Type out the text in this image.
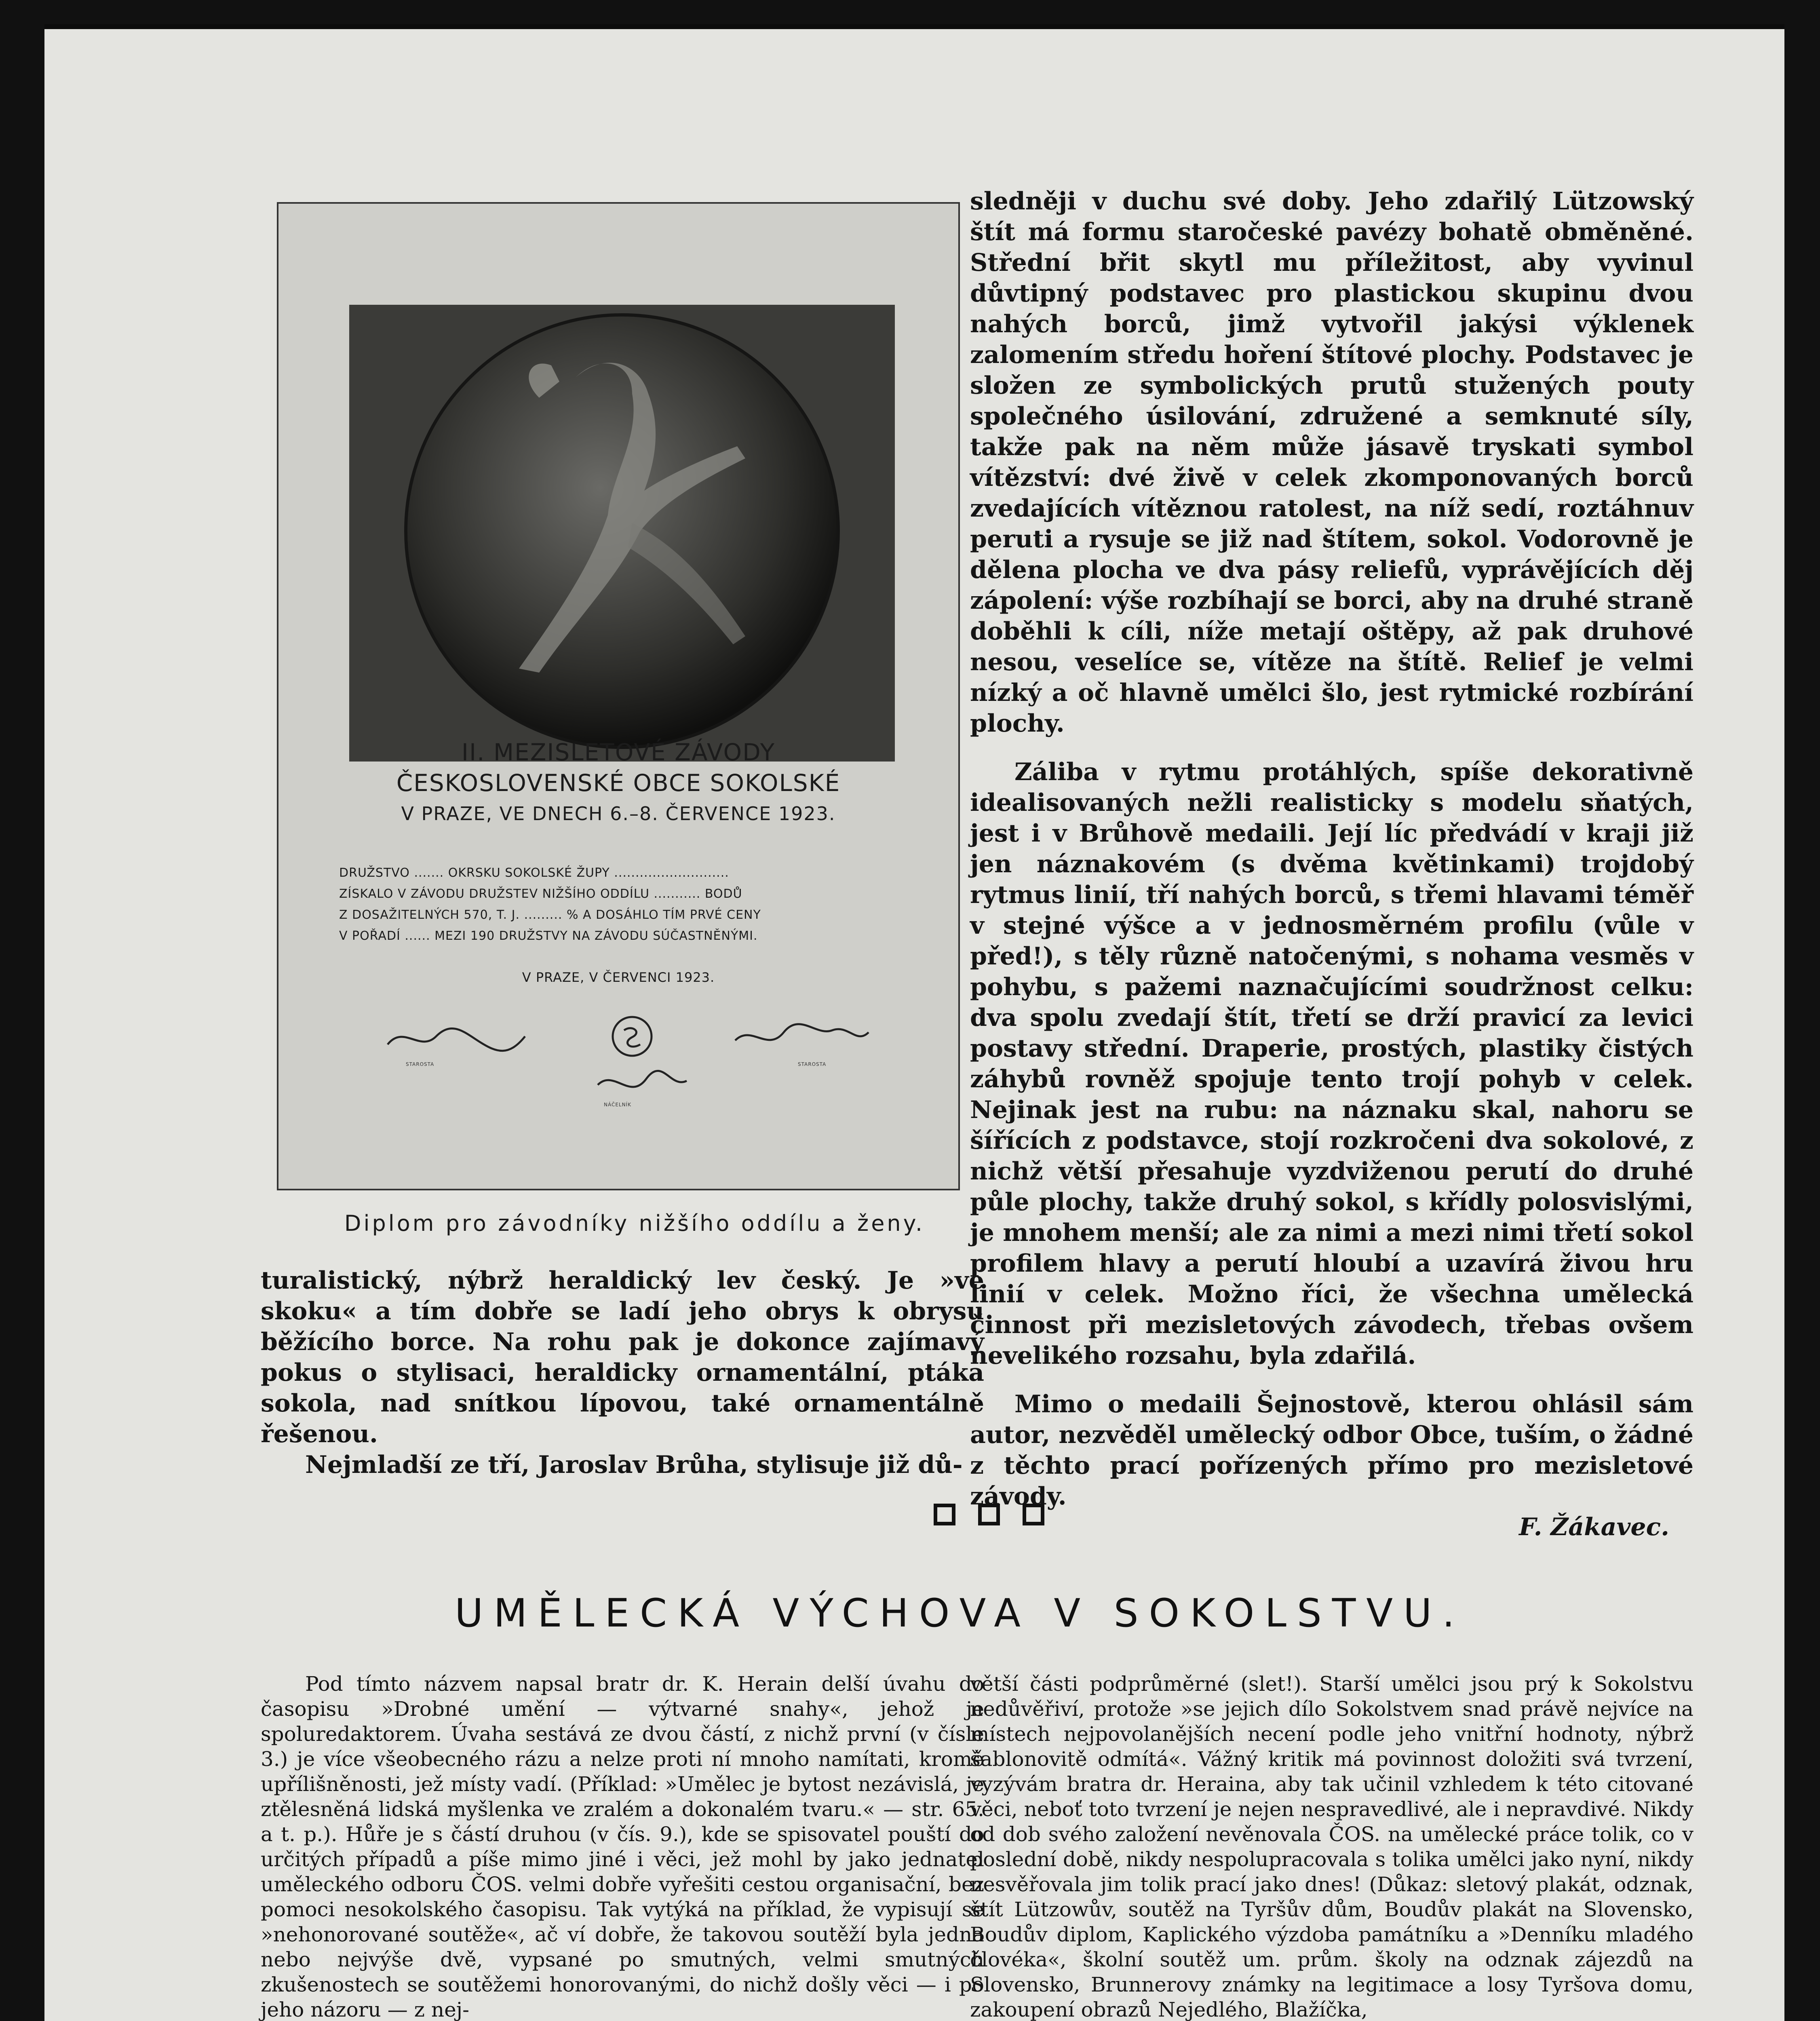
II. MEZISLETOVÉ ZÁVODY
ČESKOSLOVENSKÉ OBCE SOKOLSKÉ
V PRAZE, VE DNECH 6.–8. ČERVENCE 1923.
DRUŽSTVO ....... OKRSKU SOKOLSKÉ ŽUPY ...........................
ZÍSKALO V ZÁVODU DRUŽSTEV NIŽŠÍHO ODDÍLU ........... BODŮ
Z DOSAŽITELNÝCH 570, T. J. ......... % A DOSÁHLO TÍM PRVÉ CENY
V POŘADÍ ...... MEZI 190 DRUŽSTVY NA ZÁVODU SÚČASTNĚNÝMI.
V PRAZE, V ČERVENCI 1923.
STAROSTA	STAROSTA
NÁČELNÍK
Diplom pro závodníky nižšího oddílu a ženy.

turalistický, nýbrž heraldický lev český. Je »ve skoku« a tím dobře se ladí jeho obrys k obrysu běžícího borce. Na rohu pak je dokonce zajímavý pokus o stylisaci, heraldicky ornamentální, ptáka sokola, nad snítkou lípovou, také ornamentálně řešenou.

Nejmladší ze tří, Jaroslav Brůha, stylisuje již dů-

sledněji v duchu své doby. Jeho zdařilý Lützowský štít má formu staročeské pavézy bohatě obměněné. Střední břit skytl mu příležitost, aby vyvinul důvtipný podstavec pro plastickou skupinu dvou nahých borců, jimž vytvořil jakýsi výklenek zalomením středu hoření štítové plochy. Podstavec je složen ze symbolických prutů stužených pouty společného úsilování, združené a semknuté síly, takže pak na něm může jásavě tryskati symbol vítězství: dvé živě v celek zkomponovaných borců zvedajících vítěznou ratolest, na níž sedí, roztáhnuv peruti a rysuje se již nad štítem, sokol. Vodorovně je dělena plocha ve dva pásy reliefů, vyprávějících děj zápolení: výše rozbíhají se borci, aby na druhé straně doběhli k cíli, níže metají oštěpy, až pak druhové nesou, veselíce se, vítěze na štítě. Relief je velmi nízký a oč hlavně umělci šlo, jest rytmické rozbírání plochy.

Záliba v rytmu protáhlých, spíše dekorativně idealisovaných nežli realisticky s modelu sňatých, jest i v Brůhově medaili. Její líc předvádí v kraji již jen náznakovém (s dvěma květinkami) trojdobý rytmus linií, tří nahých borců, s třemi hlavami téměř v stejné výšce a v jednosměrném profilu (vůle v před!), s těly různě natočenými, s nohama vesměs v pohybu, s pažemi naznačujícími soudržnost celku: dva spolu zvedají štít, třetí se drží pravicí za levici postavy střední. Draperie, prostých, plastiky čistých záhybů rovněž spojuje tento trojí pohyb v celek. Nejinak jest na rubu: na náznaku skal, nahoru se šířících z podstavce, stojí rozkročeni dva sokolové, z nichž větší přesahuje vyzdviženou perutí do druhé půle plochy, takže druhý sokol, s křídly polosvislými, je mnohem menší; ale za nimi a mezi nimi třetí sokol profilem hlavy a perutí hloubí a uzavírá živou hru linií v celek. Možno říci, že všechna umělecká činnost při mezisletových závodech, třebas ovšem nevelikého rozsahu, byla zdařilá.

Mimo o medaili Šejnostově, kterou ohlásil sám autor, nezvěděl umělecký odbor Obce, tuším, o žádné z těchto prací pořízených přímo pro mezisletové závody.

F. Žákavec.
UMĚLECKÁ VÝCHOVA V SOKOLSTVU.

Pod tímto názvem napsal bratr dr. K. Herain delší úvahu do časopisu »Drobné umění — výtvarné snahy«, jehož je spoluredaktorem. Úvaha sestává ze dvou částí, z nichž první (v čísle 3.) je více všeobecného rázu a nelze proti ní mnoho namítati, kromě upřílišněnosti, jež místy vadí. (Příklad: »Umělec je bytost nezávislá, je ztělesněná lidská myšlenka ve zralém a dokonalém tvaru.« — str. 65. a t. p.). Hůře je s částí druhou (v čís. 9.), kde se spisovatel pouští do určitých případů a píše mimo jiné i věci, jež mohl by jako jednatel uměleckého odboru ČOS. velmi dobře vyřešiti cestou organisační, bez pomoci nesokolského časopisu. Tak vytýká na příklad, že vypisují se »nehonorované soutěže«, ač ví dobře, že takovou soutěží byla jedna nebo nejvýše dvě, vypsané po smutných, velmi smutných zkušenostech se soutěžemi honorovanými, do nichž došly věci — i po jeho názoru — z nej-

větší části podprůměrné (slet!). Starší umělci jsou prý k Sokolstvu nedůvěřiví, protože »se jejich dílo Sokolstvem snad právě nejvíce na místech nejpovolanějších necení podle jeho vnitřní hodnoty, nýbrž šablonovitě odmítá«. Vážný kritik má povinnost doložiti svá tvrzení, vyzývám bratra dr. Heraina, aby tak učinil vzhledem k této citované věci, neboť toto tvrzení je nejen nespravedlivé, ale i nepravdivé. Nikdy od dob svého založení nevěnovala ČOS. na umělecké práce tolik, co v poslední době, nikdy nespolupracovala s tolika umělci jako nyní, nikdy nesvěřovala jim tolik prací jako dnes! (Důkaz: sletový plakát, odznak, štít Lützowův, soutěž na Tyršův dům, Boudův plakát na Slovensko, Boudův diplom, Kaplického výzdoba památníku a »Denníku mladého človéka«, školní soutěž um. prům. školy na odznak zájezdů na Slovensko, Brunnerovy známky na legitimace a losy Tyršova domu, zakoupení obrazů Nejedlého, Blažíčka,
